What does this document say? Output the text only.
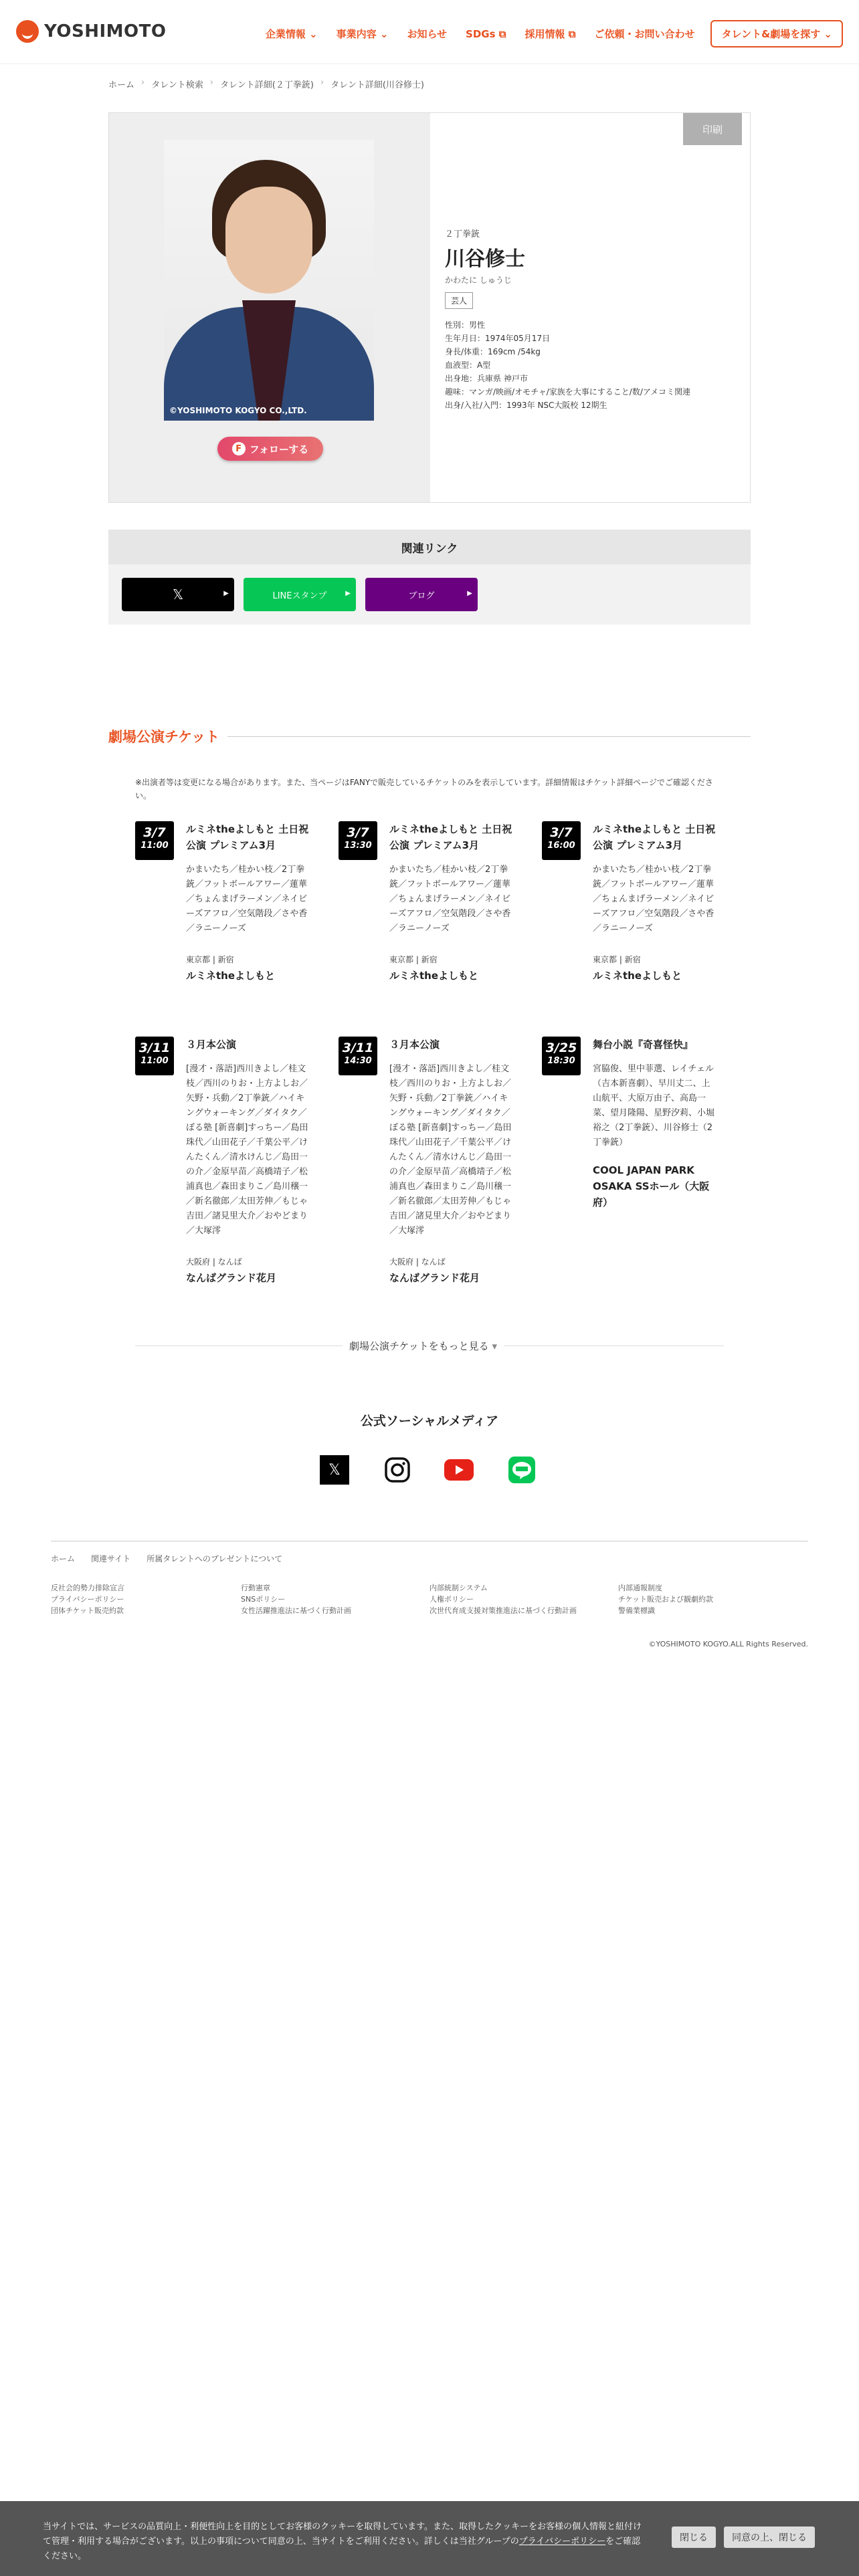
YOSHIMOTO	企業情報 ⌄ 事業内容 ⌄ お知らせ SDGs ⧉ 採用情報 ⧉ ご依頼・お問い合わせ	タレント&劇場を探す ⌄
ホーム › タレント検索 › タレント詳細(２丁拳銃) › タレント詳細(川谷修士)
©YOSHIMOTO KOGYO CO.,LTD.
F フォローする
印刷
２丁拳銃
川谷修士
かわたに しゅうじ
芸人
性別：男性
生年月日：1974年05月17日
身長/体重：169cm /54kg
血液型：A型
出身地：兵庫県 神戸市
趣味：マンガ/映画/オモチャ/家族を大事にすること/数/アメコミ関連
出身/入社/入門：1993年 NSC大阪校 12期生
関連リンク
𝕏	▶	LINEスタンプ	▶	ブログ	▶
劇場公演チケット
※出演者等は変更になる場合があります。また、当ページはFANYで販売しているチケットのみを表示しています。詳細情報はチケット詳細ページでご確認ください。
3/7
11:00
ルミネtheよしもと 土日祝公演 プレミアム3月
かまいたち／桂かい枝／2丁拳銃／フットボールアワー／蓮華／ちょんまげラーメン／ネイビーズアフロ／空気階段／さや香／ラニーノーズ
東京都 | 新宿
ルミネtheよしもと
3/7
13:30
ルミネtheよしもと 土日祝公演 プレミアム3月
かまいたち／桂かい枝／2丁拳銃／フットボールアワー／蓮華／ちょんまげラーメン／ネイビーズアフロ／空気階段／さや香／ラニーノーズ
東京都 | 新宿
ルミネtheよしもと
3/7
16:00
ルミネtheよしもと 土日祝公演 プレミアム3月
かまいたち／桂かい枝／2丁拳銃／フットボールアワー／蓮華／ちょんまげラーメン／ネイビーズアフロ／空気階段／さや香／ラニーノーズ
東京都 | 新宿
ルミネtheよしもと
3/11
11:00
３月本公演
[漫才・落語]西川きよし／桂文枝／西川のりお・上方よしお／矢野・兵動／2丁拳銃／ハイキングウォーキング／ダイタク／ぼる塾 [新喜劇]すっちー／島田珠代／山田花子／千葉公平／けんたくん／清水けんじ／島田一の介／金原早苗／高橋靖子／松浦真也／森田まりこ／島川穣一／新名徹郎／太田芳伸／もじゃ吉田／諸見里大介／おやどまり／大塚澪
大阪府 | なんば
なんばグランド花月
3/11
14:30
３月本公演
[漫才・落語]西川きよし／桂文枝／西川のりお・上方よしお／矢野・兵動／2丁拳銃／ハイキングウォーキング／ダイタク／ぼる塾 [新喜劇]すっちー／島田珠代／山田花子／千葉公平／けんたくん／清水けんじ／島田一の介／金原早苗／高橋靖子／松浦真也／森田まりこ／島川穣一／新名徹郎／太田芳伸／もじゃ吉田／諸見里大介／おやどまり／大塚澪
大阪府 | なんば
なんばグランド花月
3/25
18:30
舞台小説『奇喜怪快』
宮脇俊、里中菲選、レイチェル（吉本新喜劇）、早川丈二、上山航平、大原万由子、高島一菜、望月隆陽、星野汐莉、小堀裕之（2丁拳銃）、川谷修士（2丁拳銃）
COOL JAPAN PARK OSAKA SSホール（大阪府）
劇場公演チケットをもっと見る ▾
公式ソーシャルメディア
𝕏
ホーム 関連サイト 所属タレントへのプレゼントについて
反社会的勢力排除宣言
プライバシーポリシー
団体チケット販売約款
行動憲章
SNSポリシー
女性活躍推進法に基づく行動計画
内部統制システム
人権ポリシー
次世代育成支援対策推進法に基づく行動計画
内部通報制度
チケット販売および観劇約款
警備業標識
©YOSHIMOTO KOGYO.ALL Rights Reserved.
当サイトでは、サービスの品質向上・利便性向上を目的としてお客様のクッキーを取得しています。また、取得したクッキーをお客様の個人情報と紐付けて管理・利用する場合がございます。以上の事項について同意の上、当サイトをご利用ください。詳しくは当社グループのプライバシーポリシーをご確認ください。
閉じる	同意の上、閉じる
